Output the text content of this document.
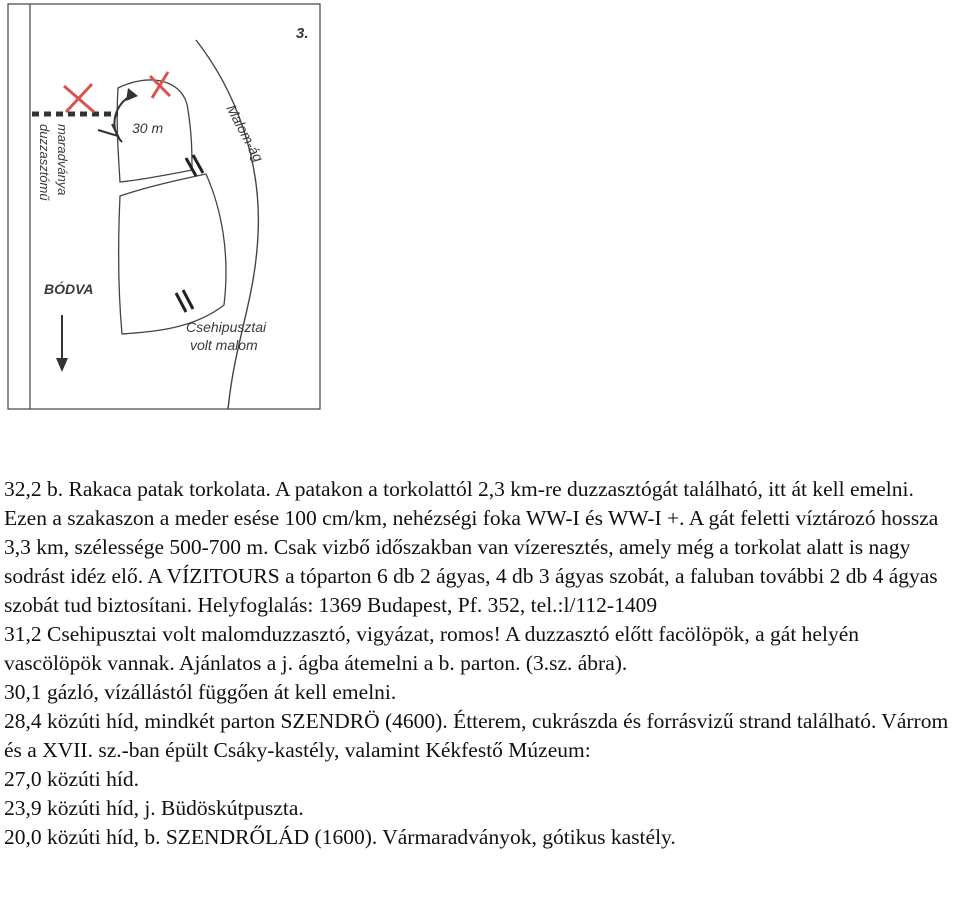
3.
30 m
duzzasztómű maradványa	Malom-ág
BÓDVA
Csehipusztai
volt malom

32,2 b. Rakaca patak torkolata. A patakon a torkolattól 2,3 km-re duzzasztógát található, itt át kell emelni.

Ezen a szakaszon a meder esése 100 cm/km, nehézségi foka WW-I és WW-I +. A gát feletti víztározó hossza 3,3 km, szélessége 500-700 m. Csak vizbő időszakban van vízeresztés, amely még a torkolat alatt is nagy sodrást idéz elő. A VÍZITOURS a tóparton 6 db 2 ágyas, 4 db 3 ágyas szobát, a faluban további 2 db 4 ágyas szobát tud biztosítani. Helyfoglalás: 1369 Budapest, Pf. 352, tel.:l/112-1409

31,2 Csehipusztai volt malomduzzasztó, vigyázat, romos! A duzzasztó előtt facölöpök, a gát helyén vascölöpök vannak. Ajánlatos a j. ágba átemelni a b. parton. (3.sz. ábra).

30,1 gázló, vízállástól függően át kell emelni.

28,4 közúti híd, mindkét parton SZENDRÖ (4600). Étterem, cukrászda és forrásvizű strand található. Várrom és a XVII. sz.-ban épült Csáky-kastély, valamint Kékfestő Múzeum:

27,0 közúti híd.

23,9 közúti híd, j. Büdöskútpuszta.

20,0 közúti híd, b. SZENDRŐLÁD (1600). Vármaradványok, gótikus kastély.
